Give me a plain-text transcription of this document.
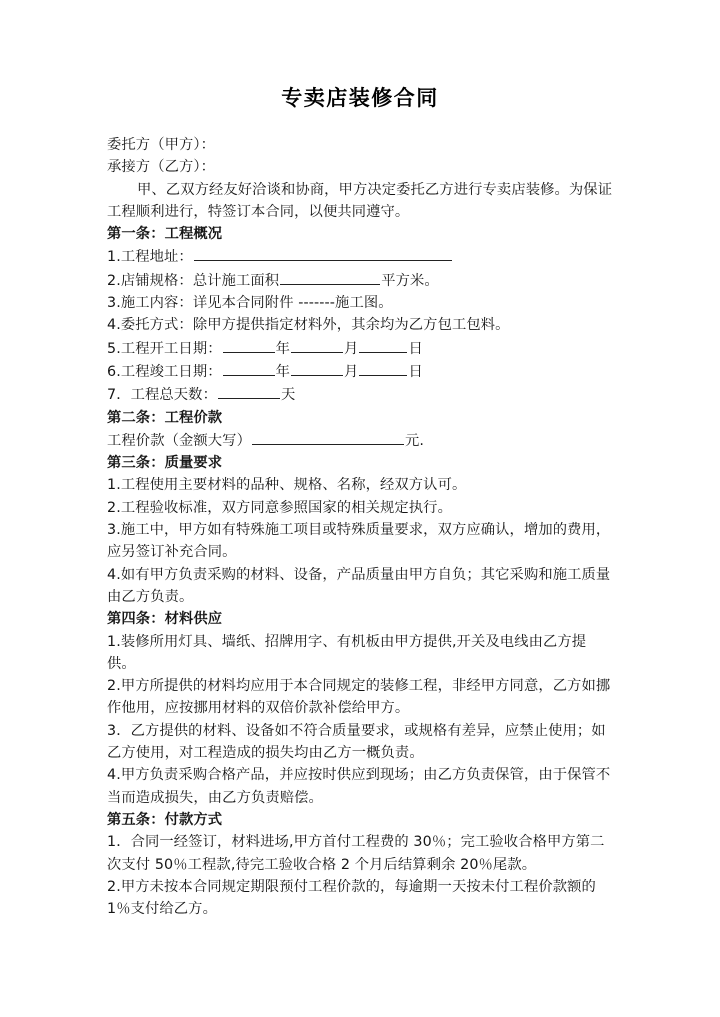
专卖店装修合同
委托方（甲方）：
承接方（乙方）：
甲、乙双方经友好洽谈和协商，甲方决定委托乙方进行专卖店装修。为保证工程顺利进行，特签订本合同，以便共同遵守。
第一条：工程概况
1.工程地址：
2.店铺规格：总计施工面积	平方米。
3.施工内容：详见本合同附件 -------施工图。
4.委托方式：除甲方提供指定材料外，其余均为乙方包工包料。
5.工程开工日期：	年	月	日
6.工程竣工日期：	年	月	日
7．工程总天数：	天
第二条：工程价款
工程价款（金额大写）	元.
第三条：质量要求
1.工程使用主要材料的品种、规格、名称，经双方认可。
2.工程验收标准，双方同意参照国家的相关规定执行。
3.施工中，甲方如有特殊施工项目或特殊质量要求，双方应确认，增加的费用，应另签订补充合同。
4.如有甲方负责采购的材料、设备，产品质量由甲方自负；其它采购和施工质量由乙方负责。
第四条：材料供应
1.装修所用灯具、墙纸、招牌用字、有机板由甲方提供,开关及电线由乙方提供。
2.甲方所提供的材料均应用于本合同规定的装修工程，非经甲方同意，乙方如挪作他用，应按挪用材料的双倍价款补偿给甲方。
3．乙方提供的材料、设备如不符合质量要求，或规格有差异，应禁止使用；如乙方使用，对工程造成的损失均由乙方一概负责。
4.甲方负责采购合格产品，并应按时供应到现场；由乙方负责保管，由于保管不当而造成损失，由乙方负责赔偿。
第五条：付款方式
1．合同一经签订，材料进场,甲方首付工程费的 30％；完工验收合格甲方第二次支付 50％工程款,待完工验收合格 2 个月后结算剩余 20％尾款。
2.甲方未按本合同规定期限预付工程价款的，每逾期一天按未付工程价款额的 1％支付给乙方。
